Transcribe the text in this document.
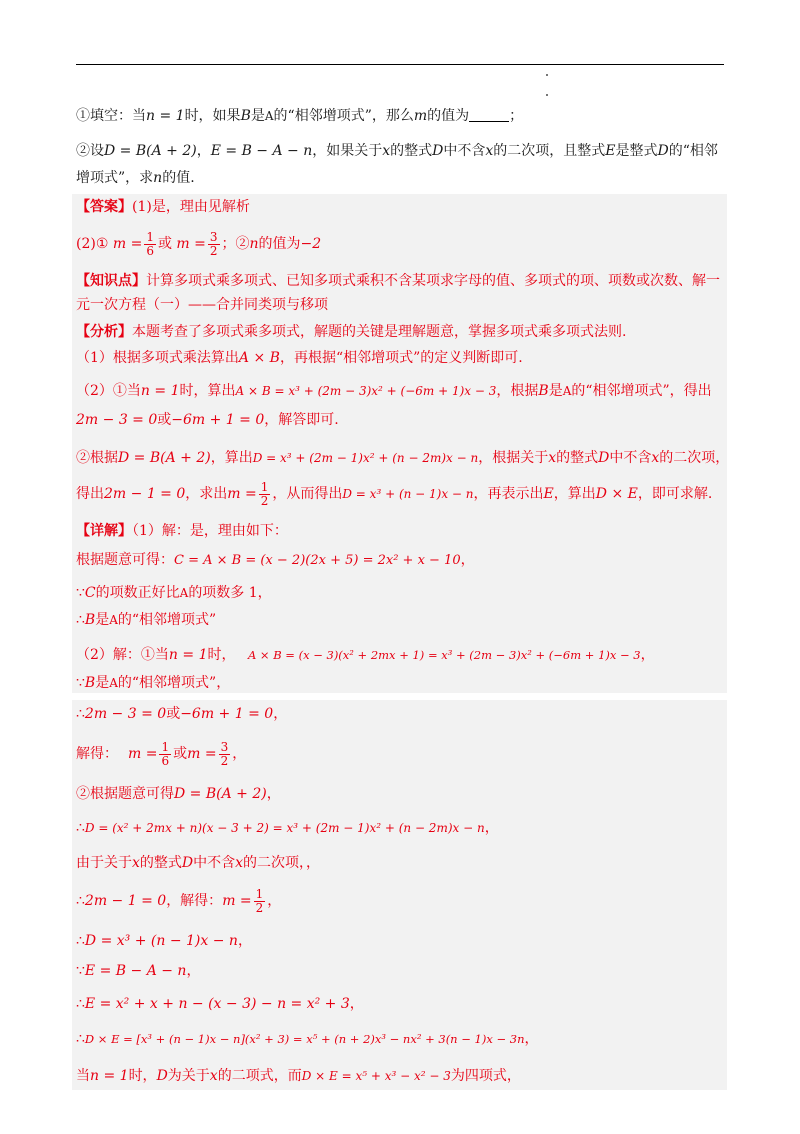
①填空：当n = 1时，如果B是A的“相邻增项式”，那么m的值为	；
②设D = B(A + 2)，E = B − A − n，如果关于x的整式D中不含x的二次项，且整式E是整式D的“相邻
增项式”，求n的值.
【答案】(1)是，理由见解析
(2)① $m = \frac{1}{6}$ 或 $m = \frac{3}{2}$ ；②n的值为−2
【知识点】计算多项式乘多项式、已知多项式乘积不含某项求字母的值、多项式的项、项数或次数、解一
元一次方程（一）——合并同类项与移项
【分析】本题考查了多项式乘多项式，解题的关键是理解题意，掌握多项式乘多项式法则.
（1）根据多项式乘法算出A × B，再根据“相邻增项式”的定义判断即可.
（2）①当n = 1时，算出A × B = x³ + (2m − 3)x² + (−6m + 1)x − 3，根据B是A的“相邻增项式”，得出
2m − 3 = 0或−6m + 1 = 0，解答即可.
②根据D = B(A + 2)，算出D = x³ + (2m − 1)x² + (n − 2m)x − n，根据关于x的整式D中不含x的二次项，
得出2m − 1 = 0，求出$m = \frac{1}{2}$ ，从而得出D = x³ + (n − 1)x − n，再表示出E，算出D × E，即可求解.
【详解】（1）解：是，理由如下：
根据题意可得：C = A × B = (x − 2)(2x + 5) = 2x² + x − 10，
∵C的项数正好比A的项数多 1，
∴B是A的“相邻增项式”
（2）解：①当n = 1时， A × B = (x − 3)(x² + 2mx + 1) = x³ + (2m − 3)x² + (−6m + 1)x − 3，
∵B是A的“相邻增项式”，
∴2m − 3 = 0或−6m + 1 = 0，
解得： $m = \frac{1}{6}$ 或$m = \frac{3}{2}$ ，
②根据题意可得D = B(A + 2)，
∴D = (x² + 2mx + n)(x − 3 + 2) = x³ + (2m − 1)x² + (n − 2m)x − n，
由于关于x的整式D中不含x的二次项，，
∴2m − 1 = 0，解得：$m = \frac{1}{2}$ ，
∴D = x³ + (n − 1)x − n，
∵E = B − A − n，
∴E = x² + x + n − (x − 3) − n = x² + 3，
∴D × E = [x³ + (n − 1)x − n](x² + 3) = x⁵ + (n + 2)x³ − nx² + 3(n − 1)x − 3n，
当n = 1时，D为关于x的二项式，而D × E = x⁵ + x³ − x² − 3为四项式，
